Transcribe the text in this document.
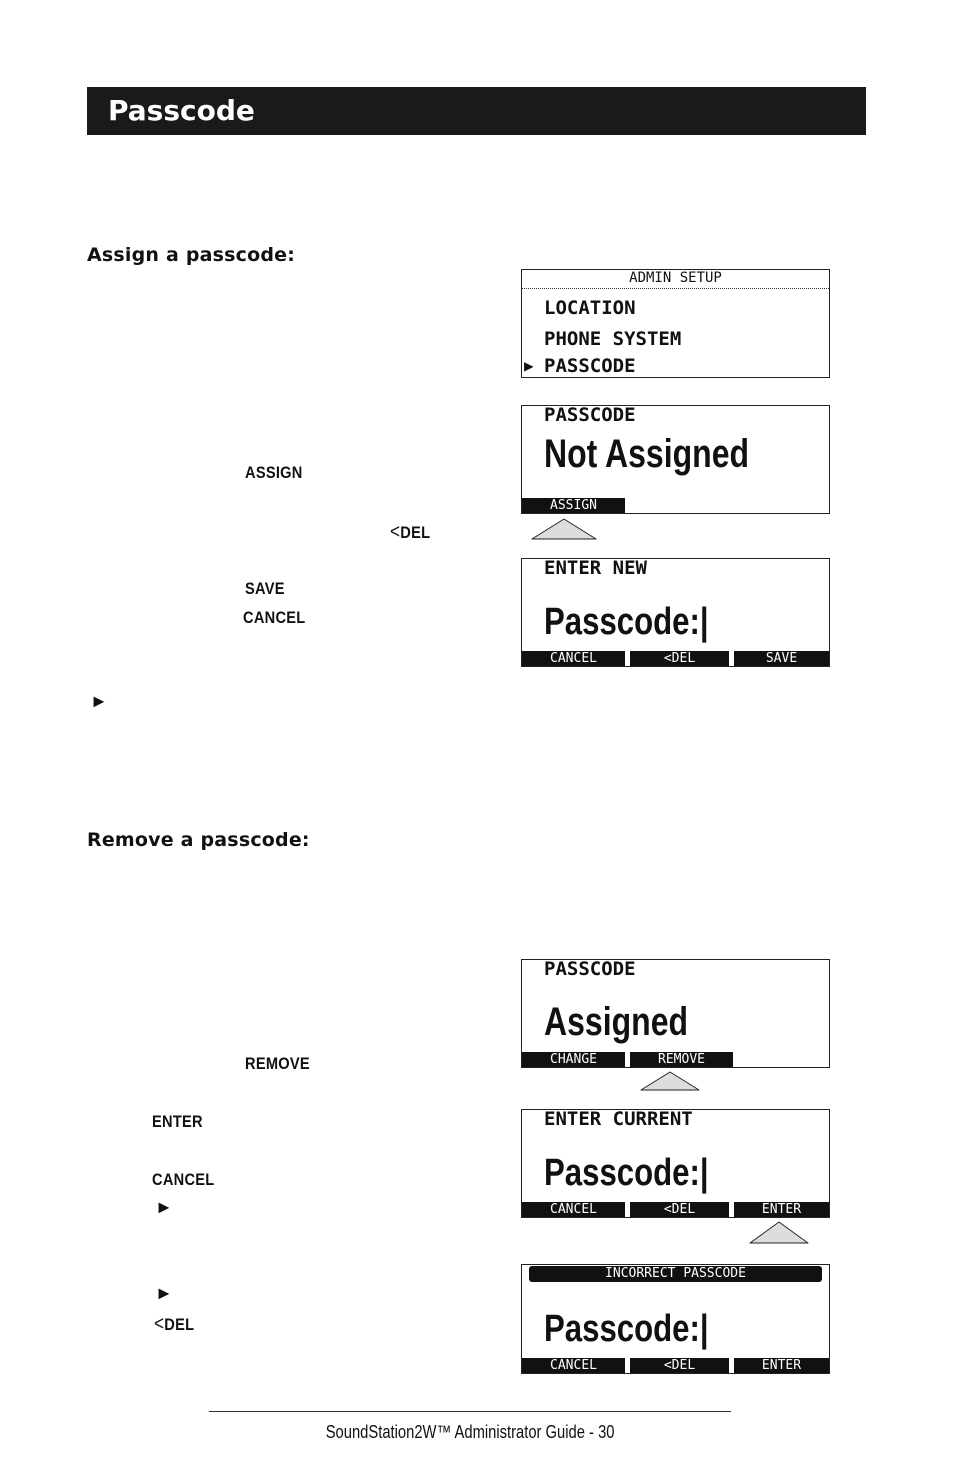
Passcode
Assign a passcode:
Remove a passcode:
ASSIGN
<DEL
SAVE
CANCEL
►
REMOVE
ENTER
CANCEL
►
►
<DEL
ADMIN SETUP
LOCATION
PHONE SYSTEM
▶ PASSCODE
PASSCODE
Not Assigned
ASSIGN
ENTER NEW
Passcode:|
CANCEL	<DEL	SAVE
PASSCODE
Assigned
CHANGE	REMOVE
ENTER CURRENT
Passcode:|
CANCEL	<DEL	ENTER
INCORRECT PASSCODE
Passcode:|
CANCEL	<DEL	ENTER
SoundStation2W™ Administrator Guide - 30
